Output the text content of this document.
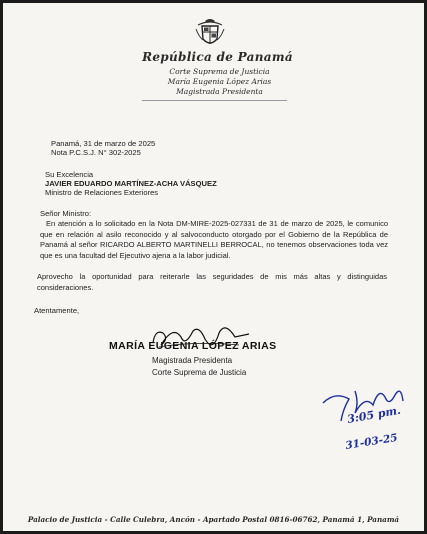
República de Panamá
Corte Suprema de Justicia
María Eugenia López Arias
Magistrada Presidenta
Panamá, 31 de marzo de 2025
Nota P.C.S.J. N° 302-2025
Su Excelencia
JAVIER EDUARDO MARTÍNEZ-ACHA VÁSQUEZ
Ministro de Relaciones Exteriores
Señor Ministro:
En atención a lo solicitado en la Nota DM-MIRE-2025-027331 de 31 de marzo de 2025, le comunico que en relación al asilo reconocido y al salvoconducto otorgado por el Gobierno de la República de Panamá al señor RICARDO ALBERTO MARTINELLI BERROCAL, no tenemos observaciones toda vez que es una facultad del Ejecutivo ajena a la labor judicial.
Aprovecho la oportunidad para reiterarle las seguridades de mis más altas y distinguidas consideraciones.
Atentamente,
MARÍA EUGENIA LÓPEZ ARIAS
Magistrada Presidenta
Corte Suprema de Justicia
3:05 pm.
31-03-25
Palacio de Justicia - Calle Culebra, Ancón - Apartado Postal 0816-06762, Panamá 1, Panamá
